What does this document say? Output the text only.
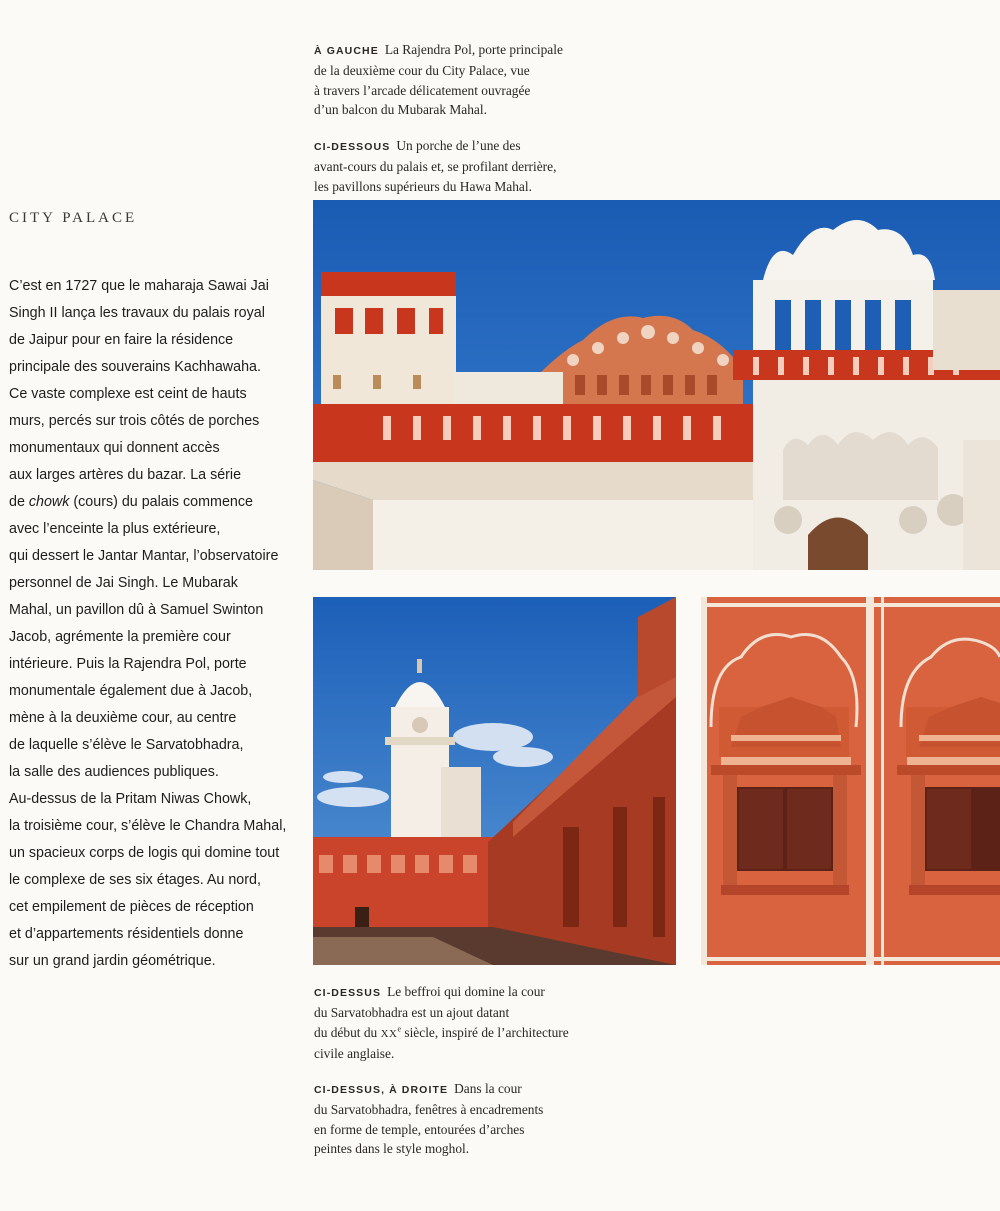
À GAUCHE La Rajendra Pol, porte principale
de la deuxième cour du City Palace, vue
à travers l’arcade délicatement ouvragée
d’un balcon du Mubarak Mahal.
CI-DESSOUS Un porche de l’une des
avant-cours du palais et, se profilant derrière,
les pavillons supérieurs du Hawa Mahal.
CITY PALACE
C’est en 1727 que le maharaja Sawai Jai
Singh II lança les travaux du palais royal
de Jaipur pour en faire la résidence
principale des souverains Kachhawaha.
Ce vaste complexe est ceint de hauts
murs, percés sur trois côtés de porches
monumentaux qui donnent accès
aux larges artères du bazar. La série
de chowk (cours) du palais commence
avec l’enceinte la plus extérieure,
qui dessert le Jantar Mantar, l’observatoire
personnel de Jai Singh. Le Mubarak
Mahal, un pavillon dû à Samuel Swinton
Jacob, agrémente la première cour
intérieure. Puis la Rajendra Pol, porte
monumentale également due à Jacob,
mène à la deuxième cour, au centre
de laquelle s’élève le Sarvatobhadra,
la salle des audiences publiques.
Au-dessus de la Pritam Niwas Chowk,
la troisième cour, s’élève le Chandra Mahal,
un spacieux corps de logis qui domine tout
le complexe de ses six étages. Au nord,
cet empilement de pièces de réception
et d’appartements résidentiels donne
sur un grand jardin géométrique.
CI-DESSUS Le beffroi qui domine la cour
du Sarvatobhadra est un ajout datant
du début du XXe siècle, inspiré de l’architecture
civile anglaise.
CI-DESSUS, À DROITE Dans la cour
du Sarvatobhadra, fenêtres à encadrements
en forme de temple, entourées d’arches
peintes dans le style moghol.
